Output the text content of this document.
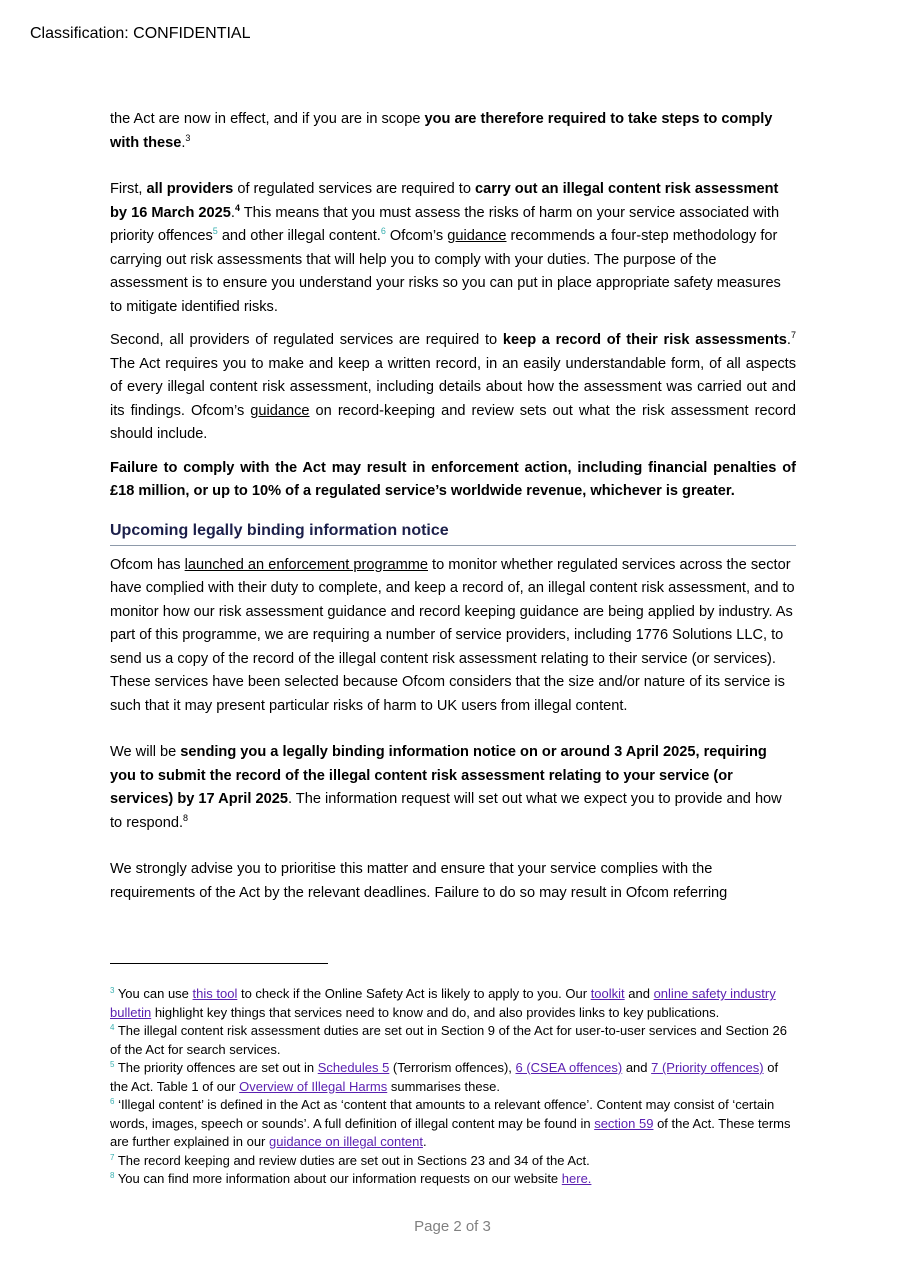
Classification: CONFIDENTIAL

the Act are now in effect, and if you are in scope you are therefore required to take steps to comply with these.$^3$

First, all providers of regulated services are required to carry out an illegal content risk assessment by 16 March 2025.$^4$ This means that you must assess the risks of harm on your service associated with priority offences$^5$ and other illegal content.$^6$ Ofcom’s guidance recommends a four-step methodology for carrying out risk assessments that will help you to comply with your duties. The purpose of the assessment is to ensure you understand your risks so you can put in place appropriate safety measures to mitigate identified risks.

Second, all providers of regulated services are required to keep a record of their risk assessments.$^7$ The Act requires you to make and keep a written record, in an easily understandable form, of all aspects of every illegal content risk assessment, including details about how the assessment was carried out and its findings. Ofcom’s guidance on record-keeping and review sets out what the risk assessment record should include.

Failure to comply with the Act may result in enforcement action, including financial penalties of £18 million, or up to 10% of a regulated service’s worldwide revenue, whichever is greater.

Upcoming legally binding information notice

Ofcom has launched an enforcement programme to monitor whether regulated services across the sector have complied with their duty to complete, and keep a record of, an illegal content risk assessment, and to monitor how our risk assessment guidance and record keeping guidance are being applied by industry. As part of this programme, we are requiring a number of service providers, including 1776 Solutions LLC, to send us a copy of the record of the illegal content risk assessment relating to their service (or services). These services have been selected because Ofcom considers that the size and/or nature of its service is such that it may present particular risks of harm to UK users from illegal content.

We will be sending you a legally binding information notice on or around 3 April 2025, requiring you to submit the record of the illegal content risk assessment relating to your service (or services) by 17 April 2025. The information request will set out what we expect you to provide and how to respond.$^8$

We strongly advise you to prioritise this matter and ensure that your service complies with the requirements of the Act by the relevant deadlines. Failure to do so may result in Ofcom referring

$^3$ You can use this tool to check if the Online Safety Act is likely to apply to you. Our toolkit and online safety industry bulletin highlight key things that services need to know and do, and also provides links to key publications.

$^4$ The illegal content risk assessment duties are set out in Section 9 of the Act for user-to-user services and Section 26 of the Act for search services.

$^5$ The priority offences are set out in Schedules 5 (Terrorism offences), 6 (CSEA offences) and 7 (Priority offences) of the Act. Table 1 of our Overview of Illegal Harms summarises these.

$^6$ ‘Illegal content’ is defined in the Act as ‘content that amounts to a relevant offence’. Content may consist of ‘certain words, images, speech or sounds’. A full definition of illegal content may be found in section 59 of the Act. These terms are further explained in our guidance on illegal content.

$^7$ The record keeping and review duties are set out in Sections 23 and 34 of the Act.

$^8$ You can find more information about our information requests on our website here.

Page 2 of 3
